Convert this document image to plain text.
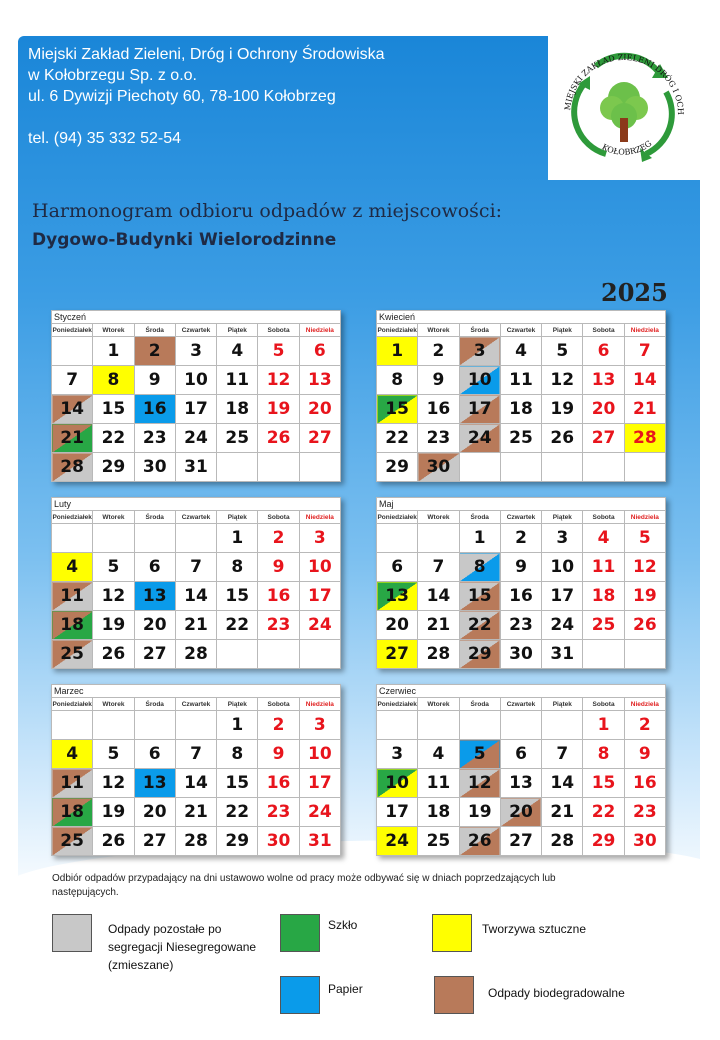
Miejski Zakład Zieleni, Dróg i Ochrony Środowiska
w Kołobrzegu Sp. z o.o.
ul. 6 Dywizji Piechoty 60, 78-100 Kołobrzeg
tel. (94) 35 332 52-54
MIEJSKI ZAKŁAD ZIELENI DRÓG I OCH
KOŁOBRZEG
Harmonogram odbioru odpadów z miejscowości:
Dygowo-Budynki Wielorodzinne
2025
Styczeń
Poniedziałek	Wtorek	Środa	Czwartek	Piątek	Sobota	Niedziela
	1	2	3	4	5	6
7	8	9	10	11	12	13
14	15	16	17	18	19	20
21	22	23	24	25	26	27
28	29	30	31			
Kwiecień
Poniedziałek	Wtorek	Środa	Czwartek	Piątek	Sobota	Niedziela
1	2	3	4	5	6	7
8	9	10	11	12	13	14
15	16	17	18	19	20	21
22	23	24	25	26	27	28
29	30					
Luty
Poniedziałek	Wtorek	Środa	Czwartek	Piątek	Sobota	Niedziela
				1	2	3
4	5	6	7	8	9	10
11	12	13	14	15	16	17
18	19	20	21	22	23	24
25	26	27	28			
Maj
Poniedziałek	Wtorek	Środa	Czwartek	Piątek	Sobota	Niedziela
		1	2	3	4	5
6	7	8	9	10	11	12
13	14	15	16	17	18	19
20	21	22	23	24	25	26
27	28	29	30	31		
Marzec
Poniedziałek	Wtorek	Środa	Czwartek	Piątek	Sobota	Niedziela
				1	2	3
4	5	6	7	8	9	10
11	12	13	14	15	16	17
18	19	20	21	22	23	24
25	26	27	28	29	30	31
Czerwiec
Poniedziałek	Wtorek	Środa	Czwartek	Piątek	Sobota	Niedziela
					1	2
3	4	5	6	7	8	9
10	11	12	13	14	15	16
17	18	19	20	21	22	23
24	25	26	27	28	29	30
Odbiór odpadów przypadający na dni ustawowo wolne od pracy może odbywać się w dniach poprzedzających lub następujących.
Odpady pozostałe po segregacji Niesegregowane (zmieszane)
Szkło	Tworzywa sztuczne
Papier	Odpady biodegradowalne
